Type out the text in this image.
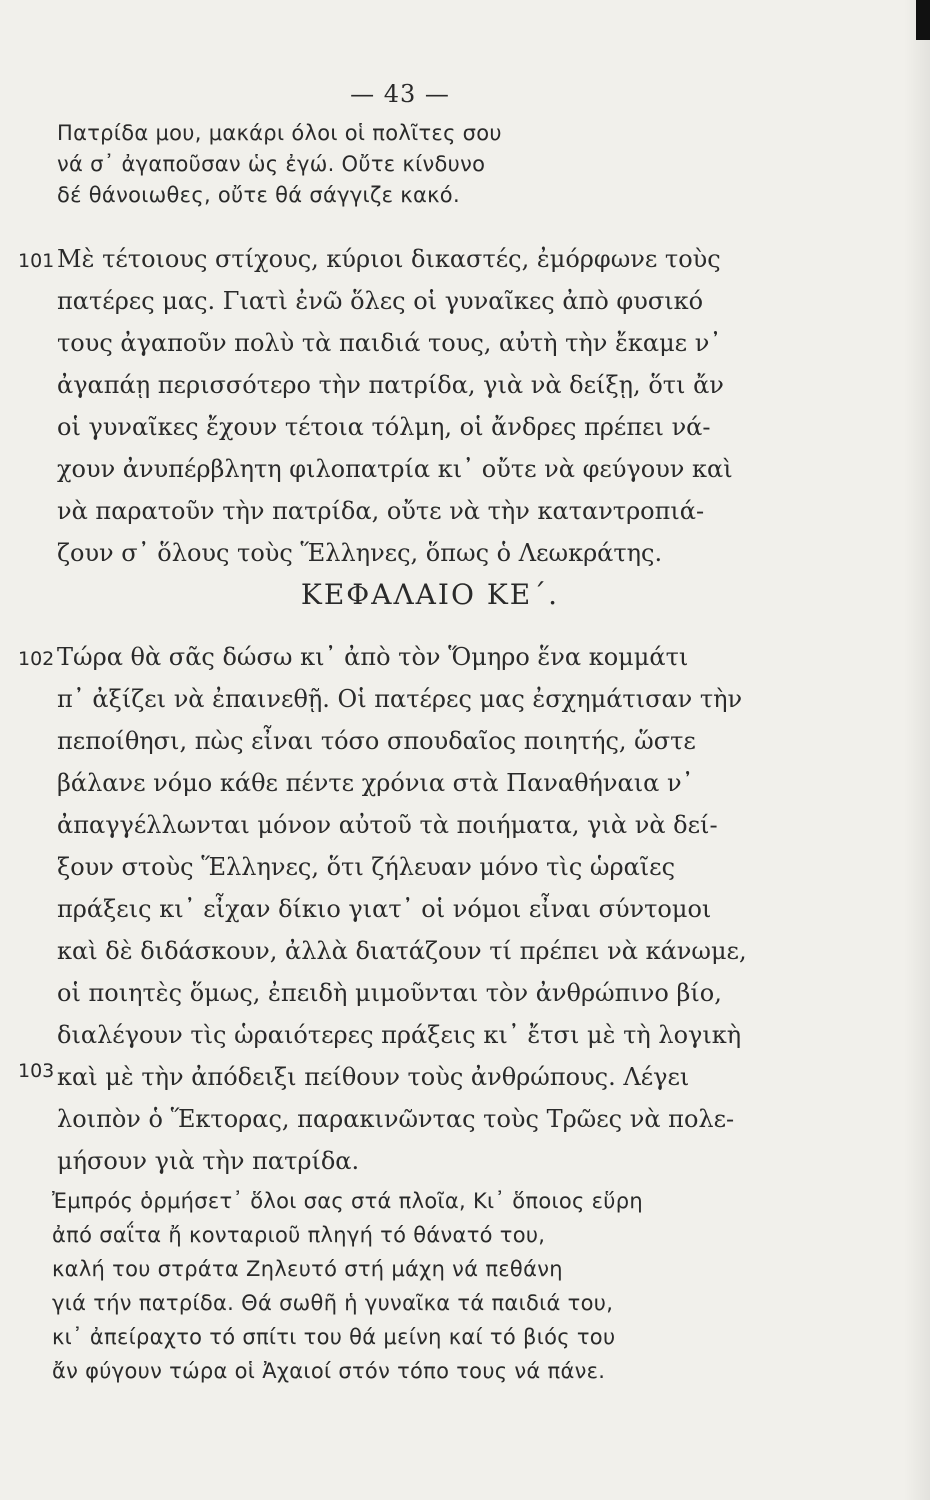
— 43 —
Πατρίδα μου, μακάρι όλοι οἱ πολῖτες σου
νά σ᾿ ἀγαποῦσαν ὡς ἐγώ. Οὔτε κίνδυνο
δέ θάνοιωθες, οὔτε θά σάγγιζε κακό.
101 Μὲ τέτοιους στίχους, κύριοι δικαστές, ἐμόρφωνε τοὺς
πατέρες μας. Γιατὶ ἐνῶ ὅλες οἱ γυναῖκες ἀπὸ φυσικό
τους ἀγαποῦν πολὺ τὰ παιδιά τους, αὐτὴ τὴν ἔκαμε ν᾿
ἀγαπάῃ περισσότερο τὴν πατρίδα, γιὰ νὰ δείξῃ, ὅτι ἄν
οἱ γυναῖκες ἔχουν τέτοια τόλμη, οἱ ἄνδρες πρέπει νά-
χουν ἀνυπέρβλητη φιλοπατρία κι᾿ οὔτε νὰ φεύγουν καὶ
νὰ παρατοῦν τὴν πατρίδα, οὔτε νὰ τὴν καταντροπιά-
ζουν σ᾿ ὅλους τοὺς Ἕλληνες, ὅπως ὁ Λεωκράτης.
ΚΕΦΑΛΑΙΟ ΚΕ΄.
102 Τώρα θὰ σᾶς δώσω κι᾿ ἀπὸ τὸν Ὅμηρο ἕνα κομμάτι
π᾿ ἀξίζει νὰ ἐπαινεθῇ. Οἱ πατέρες μας ἐσχημάτισαν τὴν
πεποίθησι, πὼς εἶναι τόσο σπουδαῖος ποιητής, ὥστε
βάλανε νόμο κάθε πέντε χρόνια στὰ Παναθήναια ν᾿
ἀπαγγέλλωνται μόνον αὐτοῦ τὰ ποιήματα, γιὰ νὰ δεί-
ξουν στοὺς Ἕλληνες, ὅτι ζήλευαν μόνο τὶς ὡραῖες
πράξεις κι᾿ εἶχαν δίκιο γιατ᾿ οἱ νόμοι εἶναι σύντομοι
καὶ δὲ διδάσκουν, ἀλλὰ διατάζουν τί πρέπει νὰ κάνωμε,
οἱ ποιητὲς ὅμως, ἐπειδὴ μιμοῦνται τὸν ἀνθρώπινο βίο,
διαλέγουν τὶς ὡραιότερες πράξεις κι᾿ ἔτσι μὲ τὴ λογικὴ
καὶ μὲ τὴν ἀπόδειξι πείθουν τοὺς ἀνθρώπους. Λέγει
λοιπὸν ὁ Ἕκτορας, παρακινῶντας τοὺς Τρῶες νὰ πολε-
μήσουν γιὰ τὴν πατρίδα.
103
Ἐμπρός ὁρμήσετ᾿ ὅλοι σας στά πλοῖα, Κι᾿ ὅποιος εὕρη
ἀπό σαΐτα ἤ κονταριοῦ πληγή τό θάνατό του,
καλή του στράτα Ζηλευτό στή μάχη νά πεθάνη
γιά τήν πατρίδα. Θά σωθῆ ἡ γυναῖκα τά παιδιά του,
κι᾿ ἀπείραχτο τό σπίτι του θά μείνη καί τό βιός του
ἄν φύγουν τώρα οἱ Ἀχαιοί στόν τόπο τους νά πάνε.
